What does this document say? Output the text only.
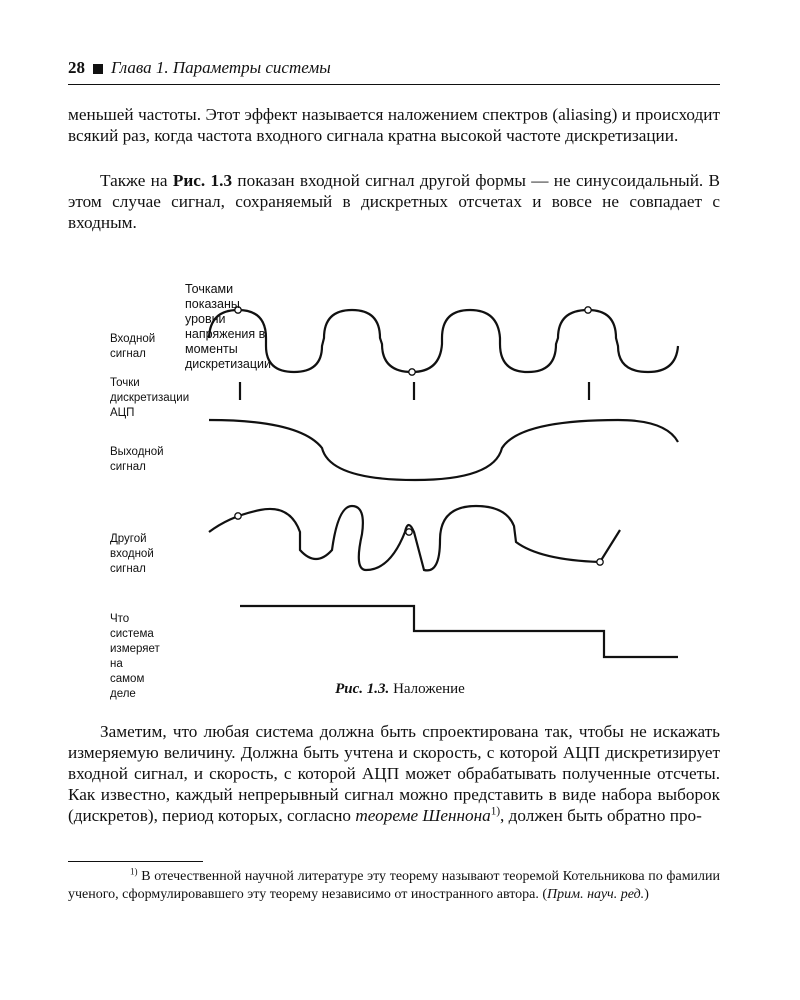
28 Глава 1. Параметры системы

меньшей частоты. Этот эффект называется наложением спектров (aliasing) и происходит всякий раз, когда частота входного сигнала кратна высокой частоте дискретизации.

Также на Рис. 1.3 показан входной сигнал другой формы — не синусоидальный. В этом случае сигнал, сохраняемый в дискретных отсчетах и вовсе не совпадает с входным.

Точками показаны уровни напряжения в моменты дискретизации
Входной сигнал
Точки
дискретизации АЦП
Выходной сигнал
Другой входной
сигнал
Что система
измеряет
на самом деле	Рис. 1.3. Наложение

Заметим, что любая система должна быть спроектирована так, чтобы не искажать измеряемую величину. Должна быть учтена и скорость, с которой АЦП дискретизирует входной сигнал, и скорость, с которой АЦП может обрабатывать полученные отсчеты. Как известно, каждый непрерывный сигнал можно представить в виде набора выборок (дискретов), период которых, согласно теореме Шеннона$^{1)}$, должен быть обратно про-

$^{1)}$ В отечественной научной литературе эту теорему называют теоремой Котельникова по фамилии ученого, сформулировавшего эту теорему независимо от иностранного автора. (Прим. науч. ред.)
